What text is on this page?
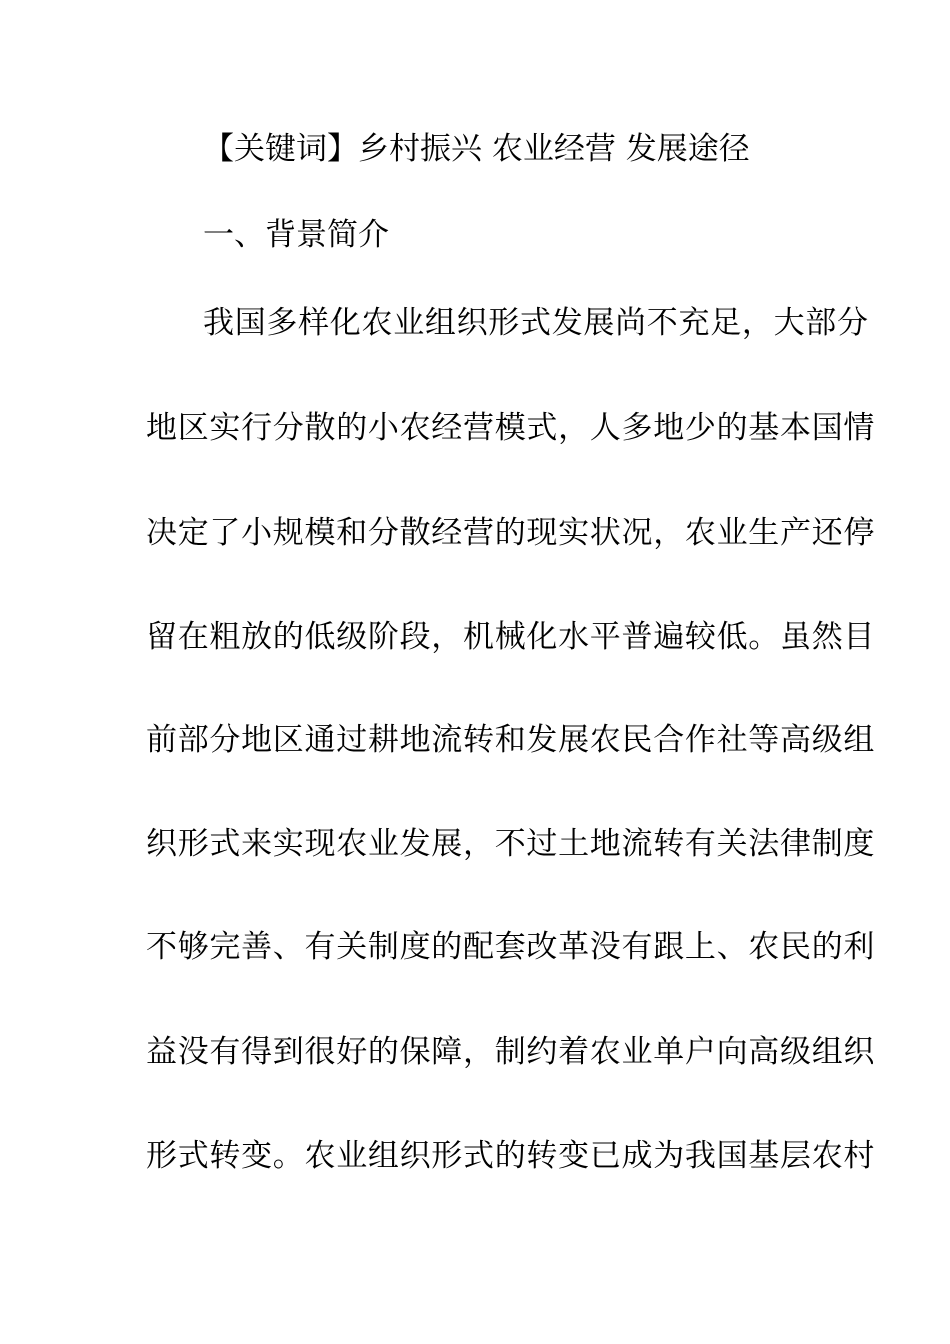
【关键词】乡村振兴 农业经营 发展途径
一、背景简介
我国多样化农业组织形式发展尚不充足，大部分
地区实行分散的小农经营模式，人多地少的基本国情
决定了小规模和分散经营的现实状况，农业生产还停
留在粗放的低级阶段，机械化水平普遍较低。虽然目
前部分地区通过耕地流转和发展农民合作社等高级组
织形式来实现农业发展，不过土地流转有关法律制度
不够完善、有关制度的配套改革没有跟上、农民的利
益没有得到很好的保障，制约着农业单户向高级组织
形式转变。农业组织形式的转变已成为我国基层农村
